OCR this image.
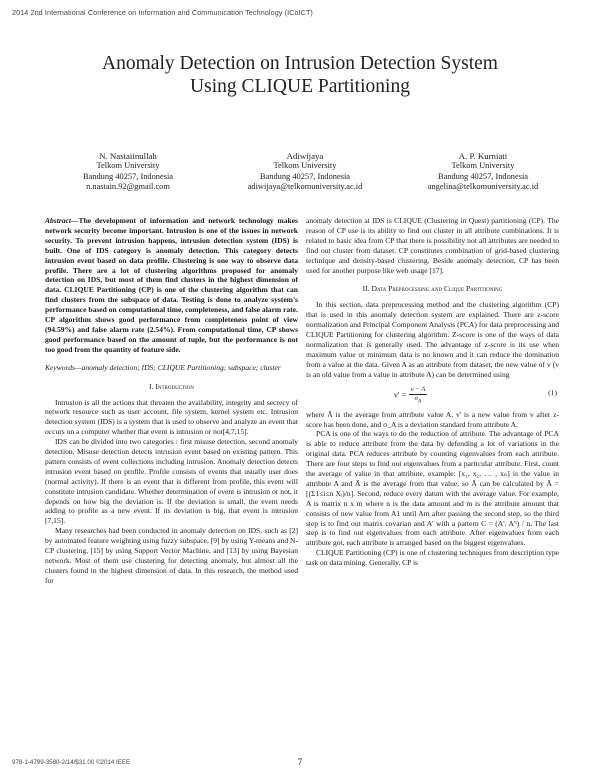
2014 2nd International Conference on Information and Communication Technology (ICoICT)
Anomaly Detection on Intrusion Detection System
Using CLIQUE Partitioning
N. Nastaiinullah
Telkom University
Bandung 40257, Indonesia
n.nastain.92@gmail.com
Adiwijaya
Telkom University
Bandung 40257, Indonesia
adiwijaya@telkomuniversity.ac.id
A. P. Kurniati
Telkom University
Bandung 40257, Indonesia
angelina@telkomuniversity.ac.id

Abstract—The development of information and network technology makes network security become important. Intrusion is one of the issues in network security. To prevent intrusion happens, intrusion detection system (IDS) is built. One of IDS category is anomaly detection. This category detects intrusion event based on data profile. Clustering is one way to observe data profile. There are a lot of clustering algorithms proposed for anomaly detection on IDS, but most of them find clusters in the highest dimension of data. CLIQUE Partitioning (CP) is one of the clustering algorithm that can find clusters from the subspace of data. Testing is done to analyze system's performance based on computational time, completeness, and false alarm rate. CP algorithm shows good performance from completeness point of view (94.59%) and false alarm rate (2.54%). From computational time, CP shows good performance based on the amount of tuple, but the performance is not too good from the quantity of feature side.

Keywords—anomaly detection; IDS; CLIQUE Partitioning; subspace; cluster

I. Introduction

Intrusion is all the actions that threaten the availability, integrity and secrecy of network resource such as user account, file system, kernel system etc. Intrusion detection system (IDS) is a system that is used to observe and analyze an event that occurs on a computer whether that event is intrusion or not[4,7,15].

IDS can be divided into two categories : first misuse detection, second anomaly detection. Misuse detection detects intrusion event based on existing pattern. This pattern consists of event collections including intrusion. Anomaly detection detects intrusion event based on profile. Profile consists of events that usually user does (normal activity). If there is an event that is different from profile, this event will constitute intrusion candidate. Whether determination of event is intrusion or not, it depends on how big the deviation is. If the deviation is small, the event needs adding to profile as a new event. If its deviation is big, that event is intrusion [7,15].

Many researches had been conducted in anomaly detection on IDS, such as [2] by automated feature weighting using fuzzy subspace, [9] by using Y-means and N-CP clustering, [15] by using Support Vector Machine, and [13] by using Bayesian network. Most of them use clustering for detecting anomaly, but almost all the clusters found in the highest dimension of data. In this research, the method used for

anomaly detection at IDS is CLIQUE (Clustering in Quest) partitioning (CP). The reason of CP use is its ability to find out cluster in all attribute combinations. It is related to basic idea from CP that there is possibility not all attributes are needed to find out cluster from dataset. CP constitutes combination of grid-based clustering technique and density-based clustering. Beside anomaly detection, CP has been used for another purpose like web usage [17].

II. Data Preprocessing and Clique Partitioning

In this section, data preprocessing method and the clustering algorithm (CP) that is used in this anomaly detection system are explained. There are z-score normalization and Principal Component Analysis (PCA) for data preprocessing and CLIQUE Partitioning for clustering algorithm. Z-score is one of the ways of data normalization that is generally used. The advantage of z-score is its use when maximum value or minimum data is no known and it can reduce the domination from a value at the data. Given A as an attribute from dataset, the new value of v (v is an old value from a value in attribute A) can be determined using

$v' = \frac{v - Ā}{\sigma_A}$	(1)

where Ā is the average from attribute value A, v' is a new value from v after z-score has been done, and σ_A is a deviation standard from attribute A.

PCA is one of the ways to do the reduction of attribute. The advantage of PCA is able to reduce attribute from the data by defending a lot of variations in the original data. PCA reduces attribute by counting eigenvalues from each attribute. There are four steps to find out eigenvalues from a particular attribute. First, count the average of value in that attribute, example: [x₁, x₂, … , xₙ] is the value in attribute A and Ā is the average from that value, so Ā can be calculated by Ā = [(Σ1≤i≤n Xᵢ)/n]. Second, reduce every datum with the average value. For example, A is matrix n x m where n is the data amount and m is the attribute amount that consists of new value from A1 until Am after passing the second step, so the third step is to find out matrix covarian and A' with a pattern C = (A'. A'ᵗ) / n. The last step is to find out eigenvalues from each attribute. After eigenvalues from each attribute got, each attribute is arranged based on the biggest eigenvalues.

CLIQUE Partitioning (CP) is one of clustering techniques from description type task on data mining. Generally, CP is

978-1-4799-3580-2/14/$31.00 ©2014 IEEE	7
